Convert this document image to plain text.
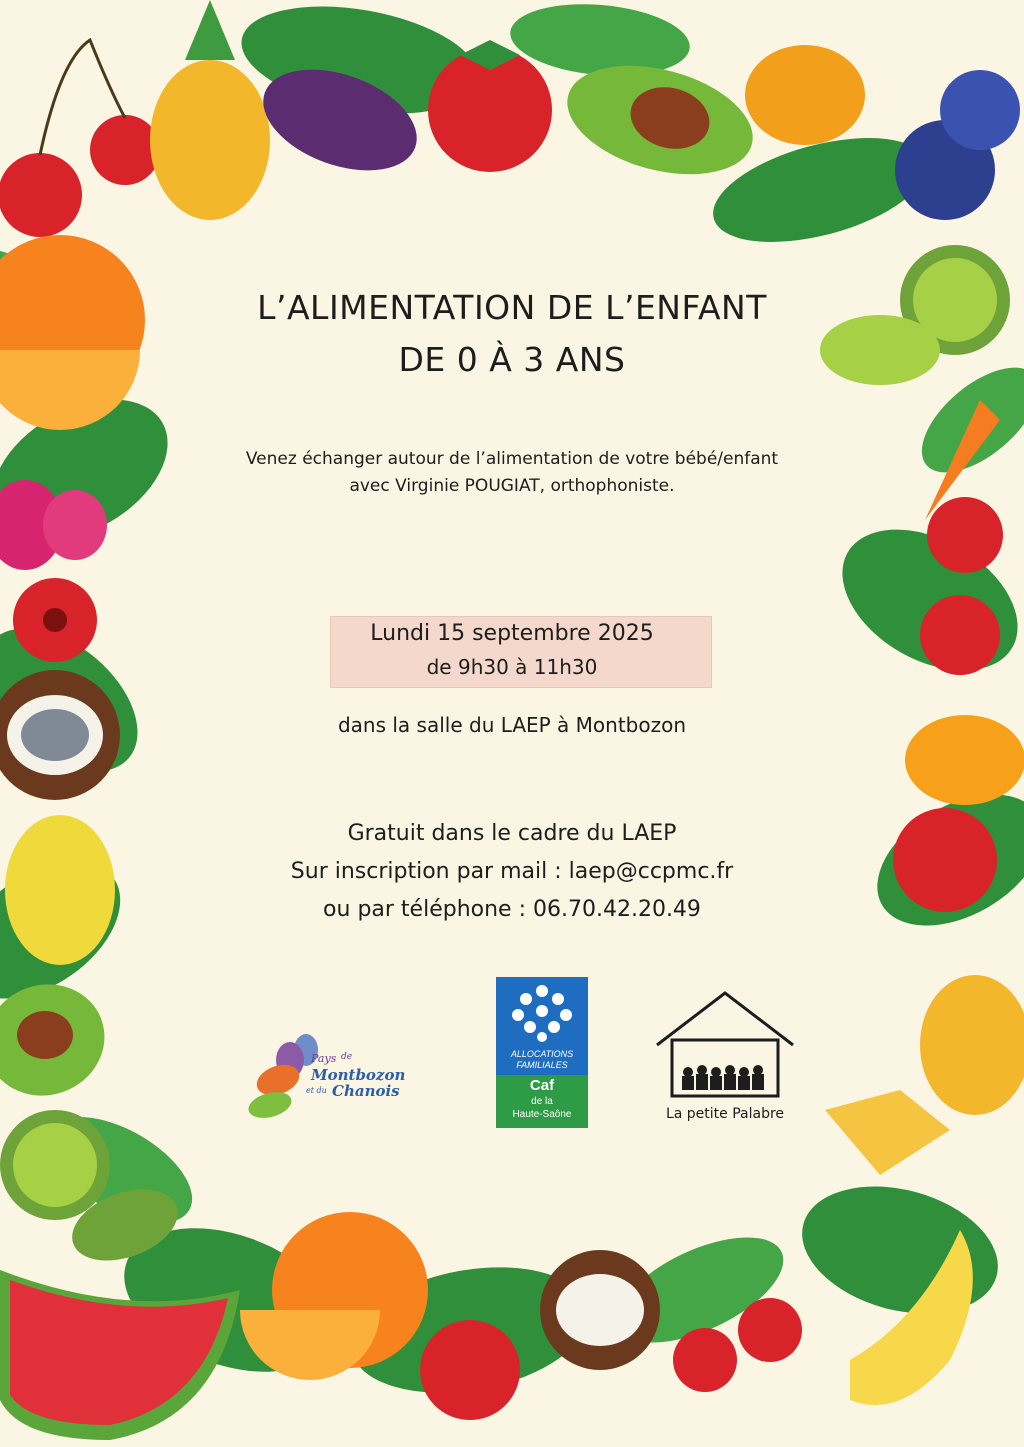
L’ALIMENTATION DE L’ENFANT
DE 0 À 3 ANS

Venez échanger autour de l’alimentation de votre bébé/enfant
avec Virginie POUGIAT, orthophoniste.

Lundi 15 septembre 2025

de 9h30 à 11h30

dans la salle du LAEP à Montbozon

Gratuit dans le cadre du LAEP
Sur inscription par mail : laep@ccpmc.fr
ou par téléphone : 06.70.42.20.49

Pays de
Montbozon
et du Chanois
ALLOCATIONS
FAMILIALES
Caf
de la
Haute-Saône	La petite Palabre
